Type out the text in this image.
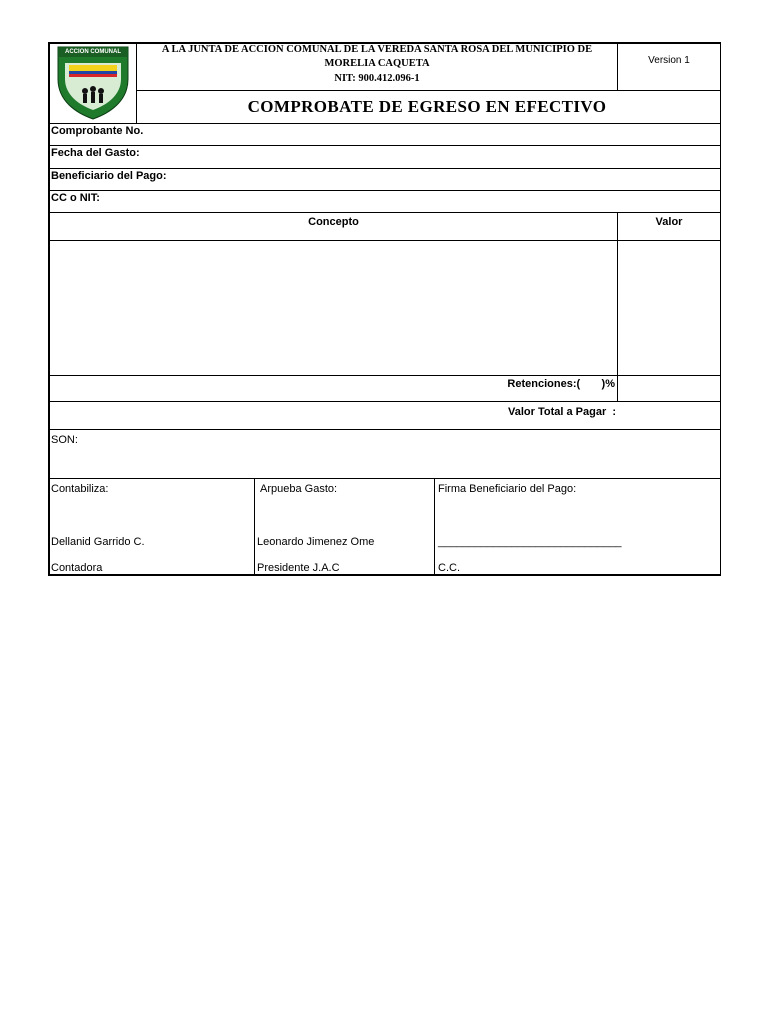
ACCION COMUNAL	A LA JUNTA DE ACCION COMUNAL DE LA VEREDA SANTA ROSA DEL MUNICIPIO DE
MORELIA CAQUETA
NIT: 900.412.096-1
Version 1
COMPROBATE DE EGRESO EN EFECTIVO
Comprobante No.
Fecha del Gasto:
Beneficiario del Pago:
CC o NIT:
Concepto	Valor
Retenciones:(       )%
Valor Total a Pagar  :
SON:
Contabiliza:
Dellanid Garrido C.
Contadora
Arpueba Gasto:
Leonardo Jimenez Ome
Presidente J.A.C
Firma Beneficiario del Pago:
______________________________
C.C.
